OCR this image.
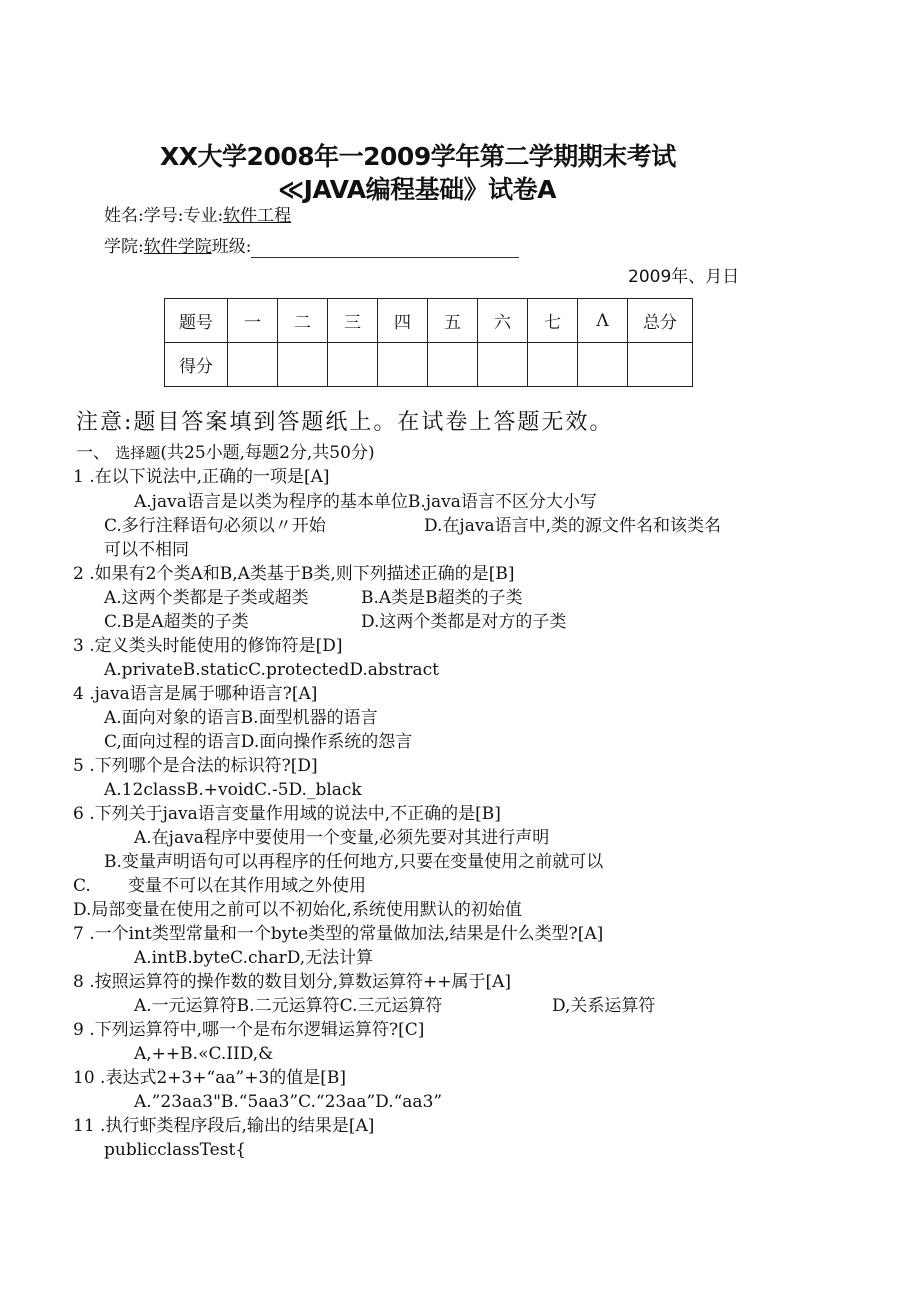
XX大学2008年一2009学年第二学期期末考试
≪JAVA编程基础》试卷A
姓名:学号:专业:软件工程
学院:软件学院班级:
2009年、月日
题号	一	二	三	四	五	六	七	Λ	总分
得分									
注意:题目答案填到答题纸上。在试卷上答题无效。
一、 选择题(共25小题,每题2分,共50分)
1 .在以下说法中,正确的一项是[A]
A.java语言是以类为程序的基本单位B.java语言不区分大小写
C.多行注释语句必须以〃开始	D.在java语言中,类的源文件名和该类名
可以不相同
2 .如果有2个类A和B,A类基于B类,则下列描述正确的是[B]
A.这两个类都是子类或超类	B.A类是B超类的子类
C.B是A超类的子类	D.这两个类都是对方的子类
3 .定义类头时能使用的修饰符是[D]
A.privateB.staticC.protectedD.abstract
4 .java语言是属于哪种语言?[A]
A.面向对象的语言B.面型机器的语言
C,面向过程的语言D.面向操作系统的怨言
5 .下列哪个是合法的标识符?[D]
A.12classB.+voidC.-5D._black
6 .下列关于java语言变量作用域的说法中,不正确的是[B]
A.在java程序中要使用一个变量,必须先要对其进行声明
B.变量声明语句可以再程序的任何地方,只要在变量使用之前就可以
C. 变量不可以在其作用域之外使用
D.局部变量在使用之前可以不初始化,系统使用默认的初始值
7 .一个int类型常量和一个byte类型的常量做加法,结果是什么类型?[A]
A.intB.byteC.charD,无法计算
8 .按照运算符的操作数的数目划分,算数运算符++属于[A]
A.一元运算符B.二元运算符C.三元运算符	D,关系运算符
9 .下列运算符中,哪一个是布尔逻辑运算符?[C]
A,++B.«C.IID,&
10 .表达式2+3+“aa”+3的值是[B]
A.”23aa3"B.“5aa3”C.“23aa”D.“aa3”
11 .执行虾类程序段后,输出的结果是[A]
publicclassTest{
